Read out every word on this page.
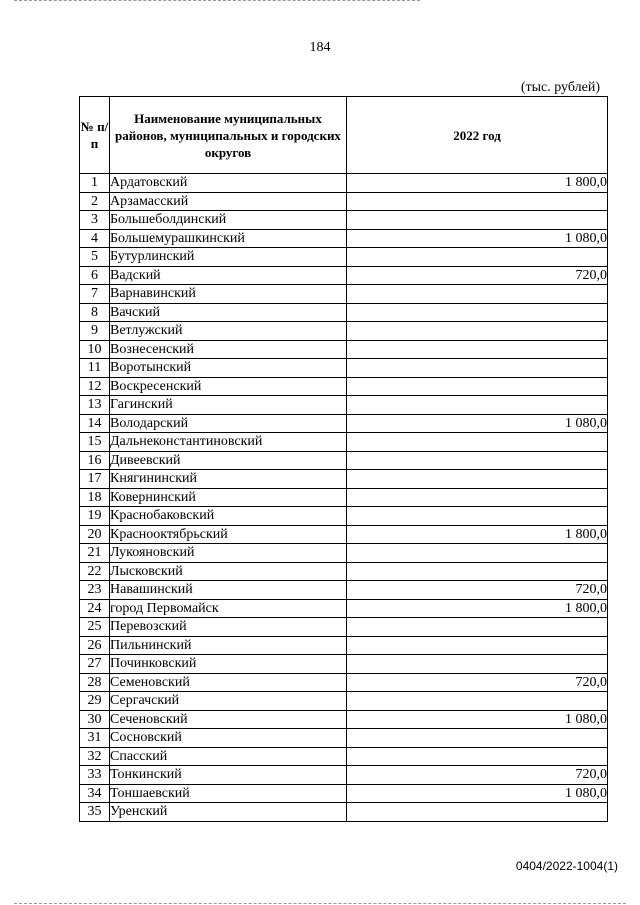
184
(тыс. рублей)
№ п/п	Наименование муниципальных районов, муниципальных и городских округов	2022 год
1	Ардатовский	1 800,0
2	Арзамасский	
3	Большеболдинский	
4	Большемурашкинский	1 080,0
5	Бутурлинский	
6	Вадский	720,0
7	Варнавинский	
8	Вачский	
9	Ветлужский	
10	Вознесенский	
11	Воротынский	
12	Воскресенский	
13	Гагинский	
14	Володарский	1 080,0
15	Дальнеконстантиновский	
16	Дивеевский	
17	Княгининский	
18	Ковернинский	
19	Краснобаковский	
20	Краснооктябрьский	1 800,0
21	Лукояновский	
22	Лысковский	
23	Навашинский	720,0
24	город Первомайск	1 800,0
25	Перевозский	
26	Пильнинский	
27	Починковский	
28	Семеновский	720,0
29	Сергачский	
30	Сеченовский	1 080,0
31	Сосновский	
32	Спасский	
33	Тонкинский	720,0
34	Тоншаевский	1 080,0
35	Уренский	
0404/2022-1004(1)
